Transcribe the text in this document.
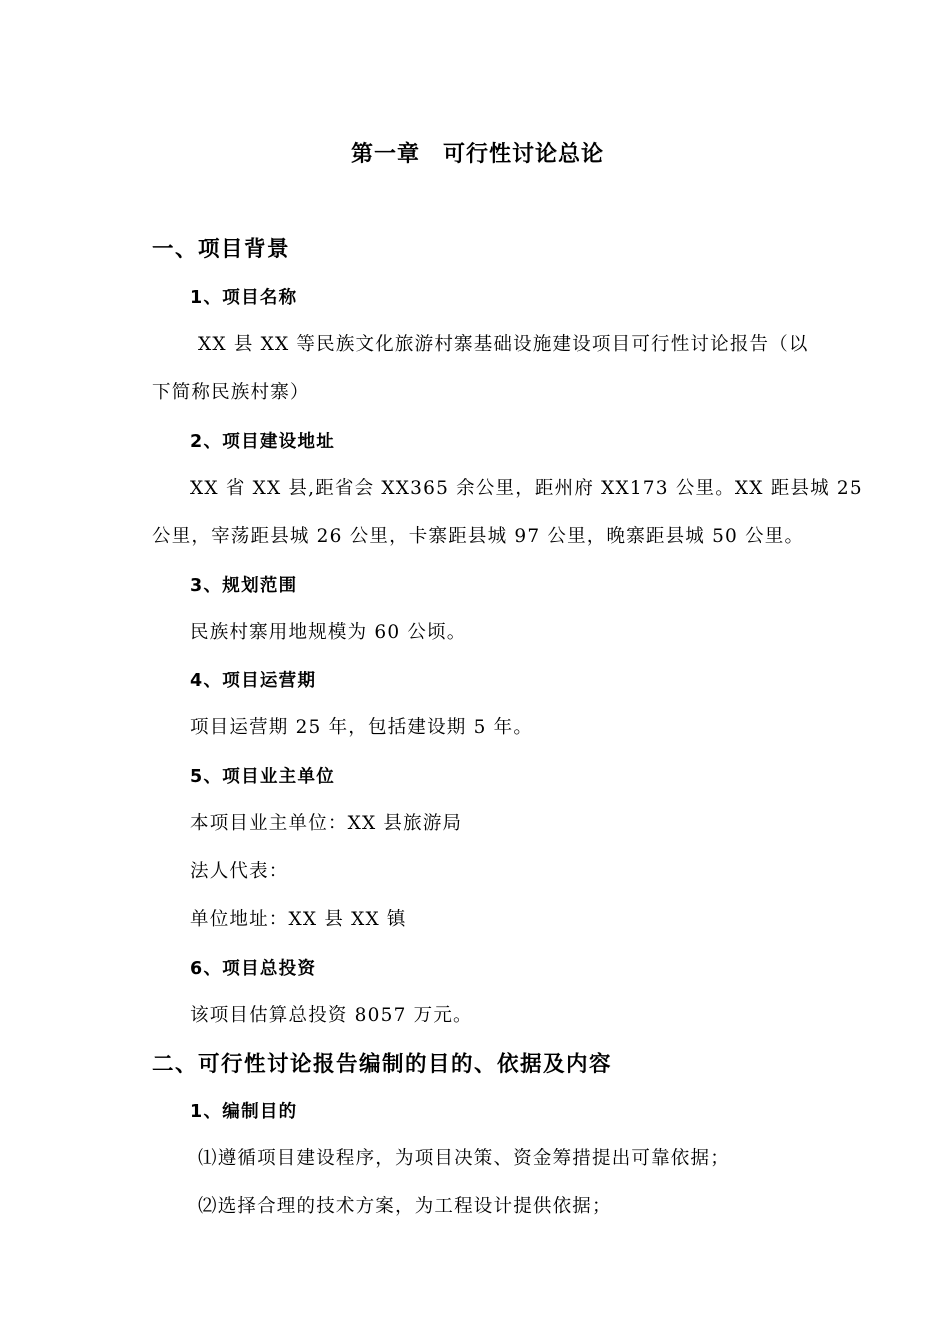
第一章　可行性讨论总论
一、项目背景
1、项目名称
XX 县 XX 等民族文化旅游村寨基础设施建设项目可行性讨论报告（以
下简称民族村寨）
2、项目建设地址
XX 省 XX 县,距省会 XX365 余公里，距州府 XX173 公里。XX 距县城 25
公里，宰荡距县城 26 公里，卡寨距县城 97 公里，晚寨距县城 50 公里。
3、规划范围
民族村寨用地规模为 60 公顷。
4、项目运营期
项目运营期 25 年，包括建设期 5 年。
5、项目业主单位
本项目业主单位：XX 县旅游局
法人代表：
单位地址：XX 县 XX 镇
6、项目总投资
该项目估算总投资 8057 万元。
二、可行性讨论报告编制的目的、依据及内容
1、编制目的
⑴遵循项目建设程序，为项目决策、资金筹措提出可靠依据；
⑵选择合理的技术方案，为工程设计提供依据；
